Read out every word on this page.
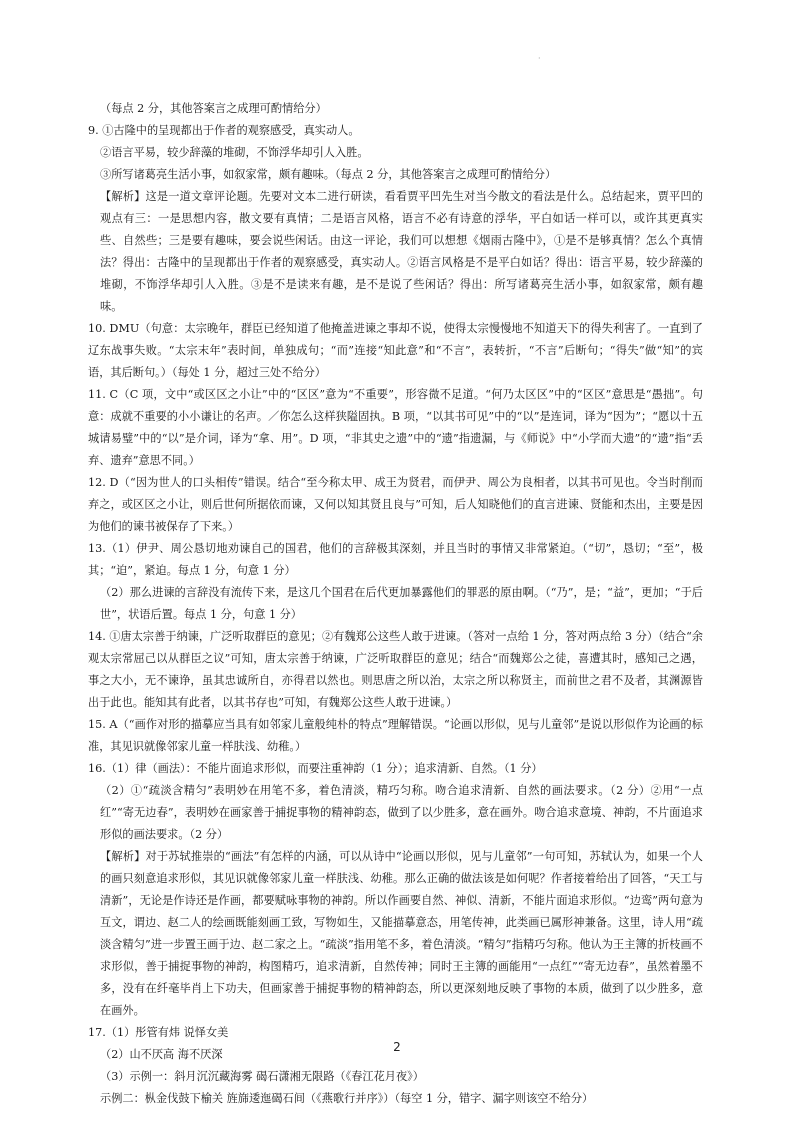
·

（每点 2 分，其他答案言之成理可酌情给分）

9. ①古隆中的呈现都出于作者的观察感受，真实动人。

②语言平易，较少辞藻的堆砌，不饰浮华却引人入胜。

③所写诸葛亮生活小事，如叙家常，颇有趣味。（每点 2 分，其他答案言之成理可酌情给分）

【解析】这是一道文章评论题。先要对文本二进行研读，看看贾平凹先生对当今散文的看法是什么。总结起来，贾平凹的观点有三：一是思想内容，散文要有真情；二是语言风格，语言不必有诗意的浮华，平白如话一样可以，或许其更真实些、自然些；三是要有趣味，要会说些闲话。由这一评论，我们可以想想《烟雨古隆中》，①是不是够真情？怎么个真情法？得出：古隆中的呈现都出于作者的观察感受，真实动人。②语言风格是不是平白如话？得出：语言平易，较少辞藻的堆砌，不饰浮华却引人入胜。③是不是读来有趣，是不是说了些闲话？得出：所写诸葛亮生活小事，如叙家常，颇有趣味。

10. DMU（句意：太宗晚年，群臣已经知道了他掩盖进谏之事却不说，使得太宗慢慢地不知道天下的得失利害了。一直到了辽东战事失败。“太宗末年”表时间，单独成句；“而”连接“知此意”和“不言”，表转折，“不言”后断句；“得失”做“知”的宾语，其后断句。）（每处 1 分，超过三处不给分）

11. C（C 项，文中“或区区之小让”中的“区区”意为“不重要”，形容微不足道。“何乃太区区”中的“区区”意思是“愚拙”。句意：成就不重要的小小谦让的名声。／你怎么这样狭隘固执。B 项，“以其书可见”中的“以”是连词，译为“因为”；“愿以十五城请易璧”中的“以”是介词，译为“拿、用”。D 项，“非其史之遗”中的“遗”指遗漏，与《师说》中“小学而大遗”的“遗”指“丢弃、遗弃”意思不同。）

12. D（“因为世人的口头相传”错误。结合“至今称太甲、成王为贤君，而伊尹、周公为良相者，以其书可见也。令当时削而弃之，或区区之小让，则后世何所据依而谏，又何以知其贤且良与”可知，后人知晓他们的直言进谏、贤能和杰出，主要是因为他们的谏书被保存了下来。）

13.（1）伊尹、周公恳切地劝谏自己的国君，他们的言辞极其深刻，并且当时的事情又非常紧迫。（“切”，恳切；“至”，极其；“迫”，紧迫。每点 1 分，句意 1 分）

（2）那么进谏的言辞没有流传下来，是这几个国君在后代更加暴露他们的罪恶的原由啊。（“乃”，是；“益”，更加；“于后世”，状语后置。每点 1 分，句意 1 分）

14. ①唐太宗善于纳谏，广泛听取群臣的意见；②有魏郑公这些人敢于进谏。（答对一点给 1 分，答对两点给 3 分）（结合“余观太宗常屈己以从群臣之议”可知，唐太宗善于纳谏，广泛听取群臣的意见；结合“而魏郑公之徒，喜遭其时，感知己之遇，事之大小，无不谏诤，虽其忠诚所自，亦得君以然也。则思唐之所以治，太宗之所以称贤主，而前世之君不及者，其渊源皆出于此也。能知其有此者，以其书存也”可知，有魏郑公这些人敢于进谏。）

15. A（“画作对形的描摹应当具有如邻家儿童般纯朴的特点”理解错误。“论画以形似，见与儿童邻”是说以形似作为论画的标准，其见识就像邻家儿童一样肤浅、幼稚。）

16.（1）律（画法）：不能片面追求形似，而要注重神韵（1 分）；追求清新、自然。（1 分）

（2）①“疏淡含精匀”表明妙在用笔不多，着色清淡，精巧匀称。吻合追求清新、自然的画法要求。（2 分）②用“一点红”“寄无边春”，表明妙在画家善于捕捉事物的精神韵态，做到了以少胜多，意在画外。吻合追求意境、神韵，不片面追求形似的画法要求。（2 分）

【解析】对于苏轼推崇的“画法”有怎样的内涵，可以从诗中“论画以形似，见与儿童邻”一句可知，苏轼认为，如果一个人的画只刻意追求形似，其见识就像邻家儿童一样肤浅、幼稚。那么正确的做法该是如何呢？作者接着给出了回答，“天工与清新”，无论是作诗还是作画，都要赋咏事物的神韵。所以作画要自然、神似、清新，不能片面追求形似。“边鸾”两句意为互文，谓边、赵二人的绘画既能刻画工致，写物如生，又能描摹意态，用笔传神，此类画已属形神兼备。这里，诗人用“疏淡含精匀”进一步置王画于边、赵二家之上。“疏淡”指用笔不多，着色清淡。“精匀”指精巧匀称。他认为王主簿的折枝画不求形似，善于捕捉事物的神韵，构图精巧，追求清新，自然传神；同时王主簿的画能用“一点红”“寄无边春”，虽然着墨不多，没有在纤毫毕肖上下功夫，但画家善于捕捉事物的精神韵态，所以更深刻地反映了事物的本质，做到了以少胜多，意在画外。

17.（1）彤管有炜 说怿女美

（2）山不厌高 海不厌深

（3）示例一：斜月沉沉藏海雾 碣石潇湘无限路（《春江花月夜》）

示例二：枞金伐鼓下榆关 旌旆逶迤碣石间（《燕歌行并序》）（每空 1 分，错字、漏字则该空不给分）

2
